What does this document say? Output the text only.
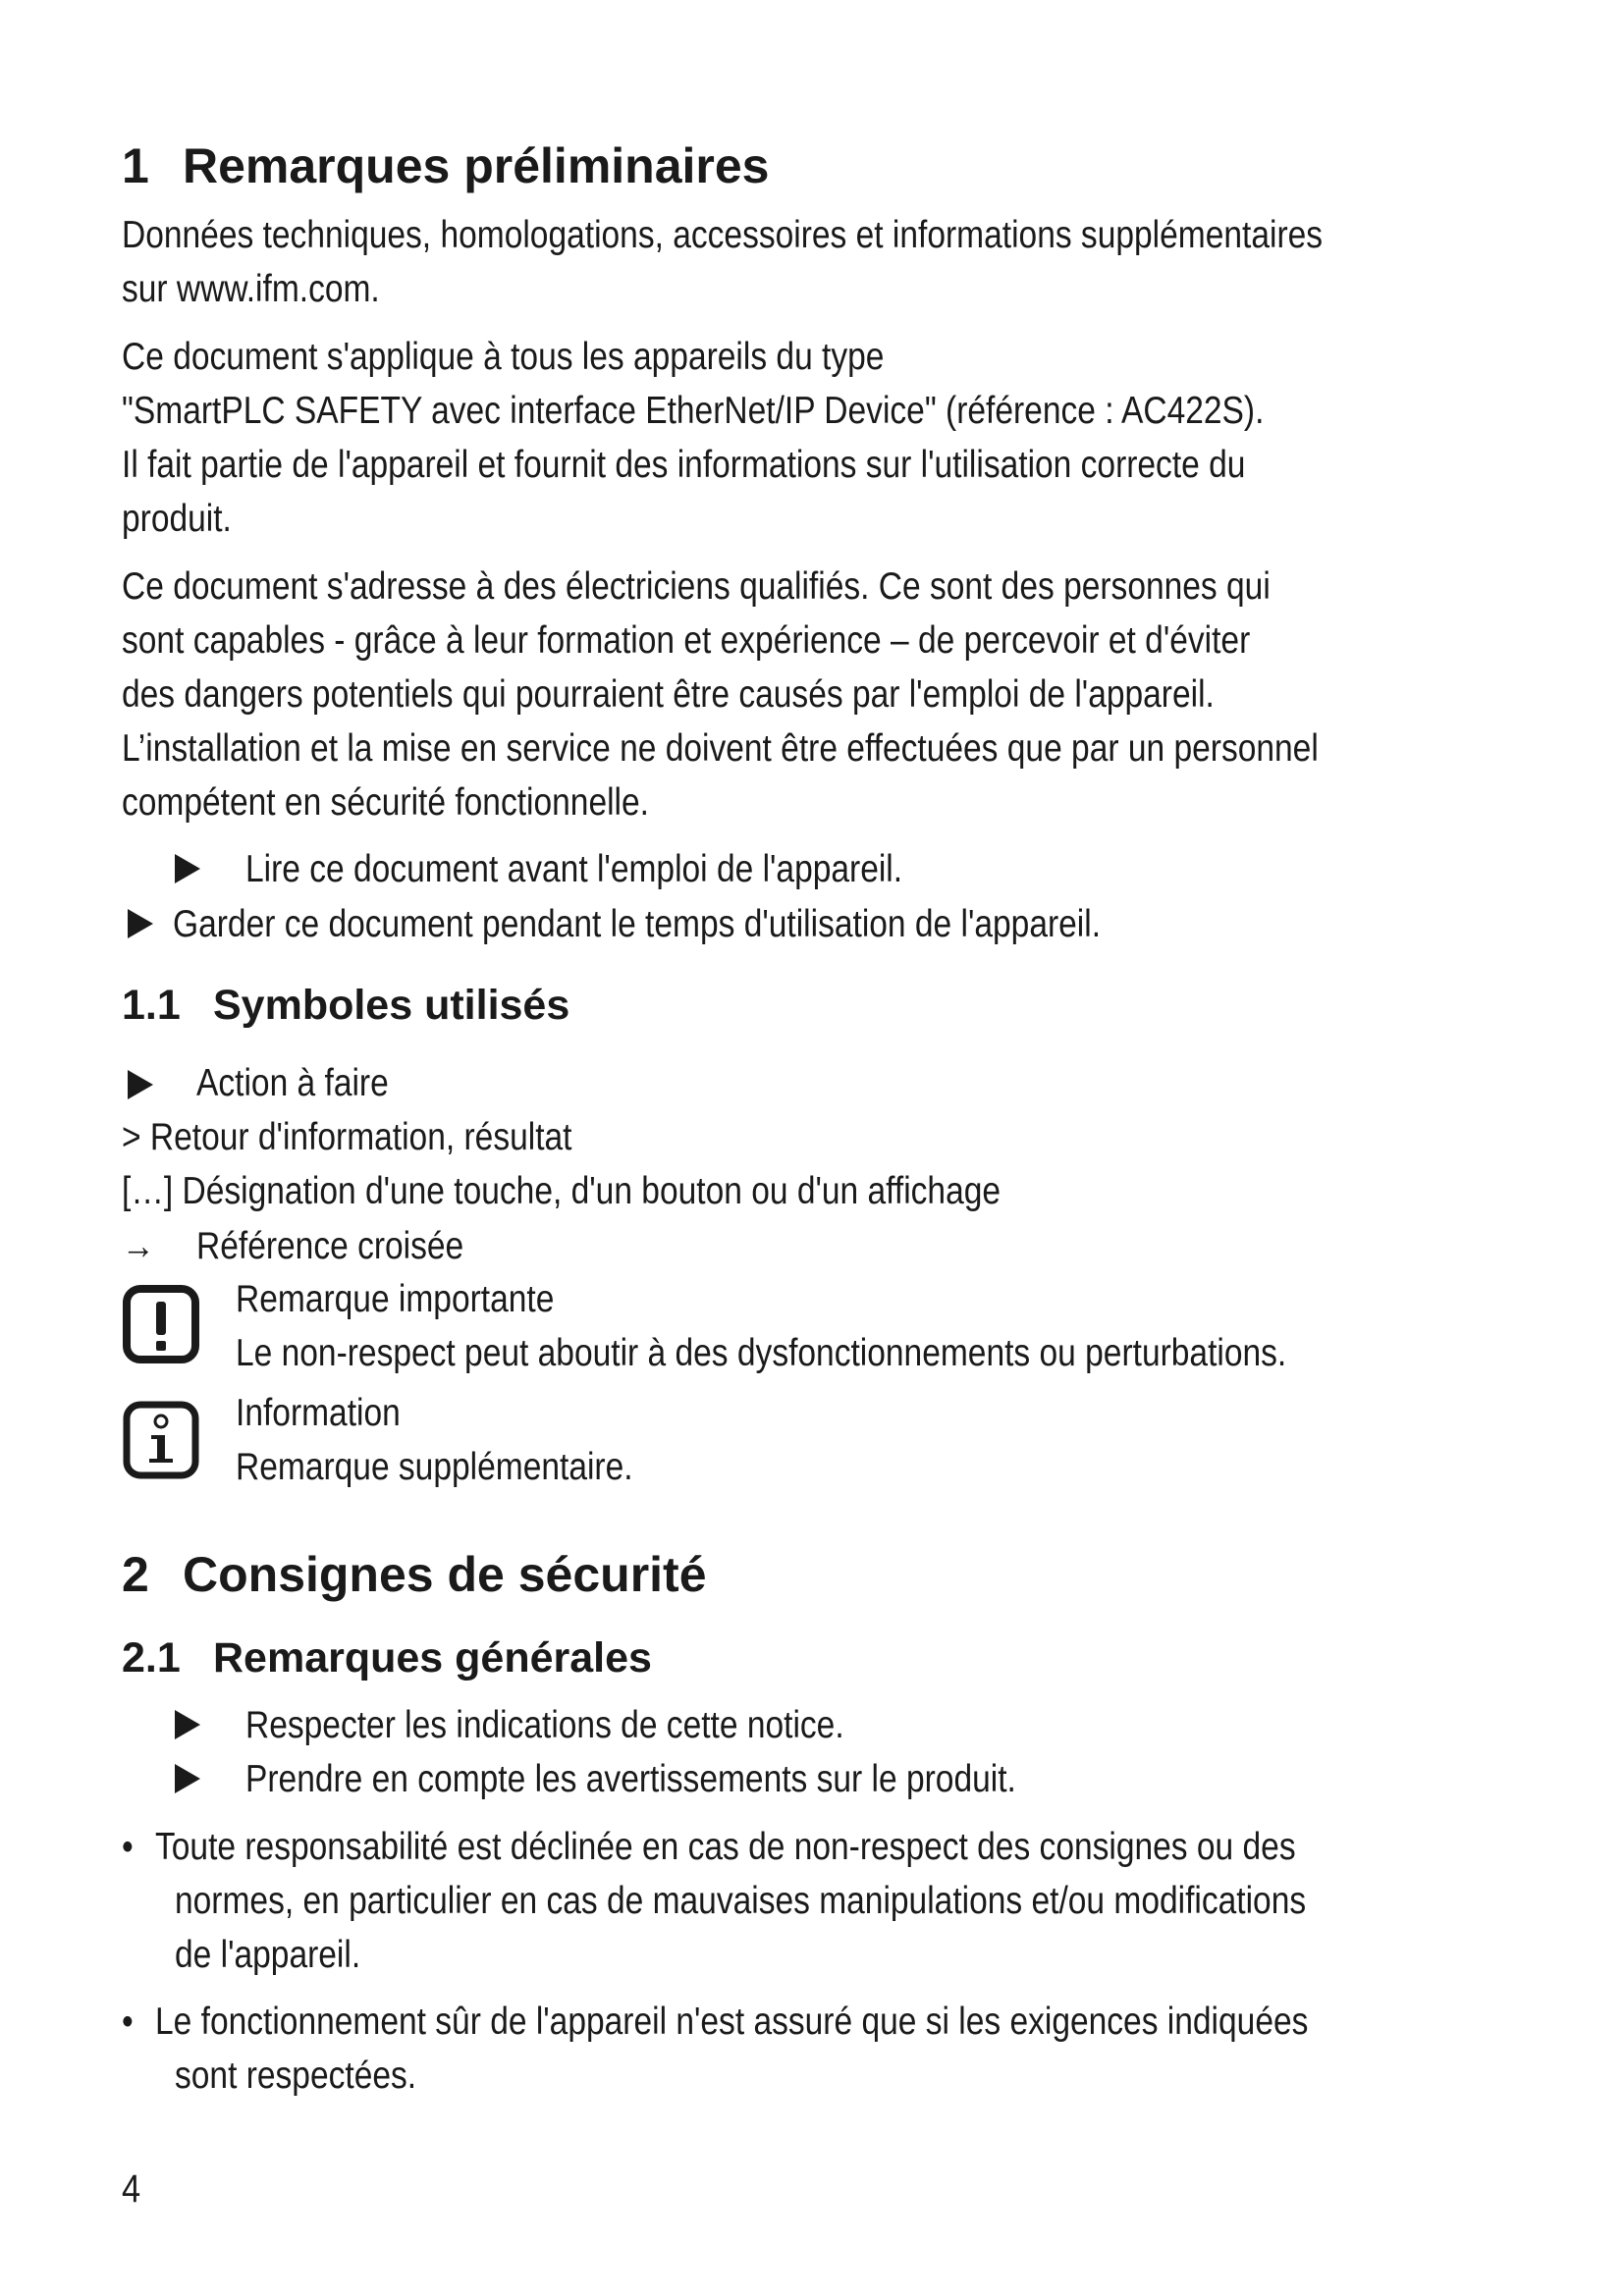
1 Remarques préliminaires
Données techniques, homologations, accessoires et informations supplémentaires
sur www.ifm.com.
Ce document s'applique à tous les appareils du type
"SmartPLC SAFETY avec interface EtherNet/IP Device" (référence : AC422S).
Il fait partie de l'appareil et fournit des informations sur l'utilisation correcte du
produit.
Ce document s'adresse à des électriciens qualifiés. Ce sont des personnes qui
sont capables - grâce à leur formation et expérience – de percevoir et d'éviter
des dangers potentiels qui pourraient être causés par l'emploi de l'appareil.
L’installation et la mise en service ne doivent être effectuées que par un personnel
compétent en sécurité fonctionnelle.
Lire ce document avant l'emploi de l'appareil.
Garder ce document pendant le temps d'utilisation de l'appareil.
1.1 Symboles utilisés
Action à faire
> Retour d'information, résultat
[…] Désignation d'une touche, d'un bouton ou d'un affichage
→ Référence croisée
Remarque importante
Le non-respect peut aboutir à des dysfonctionnements ou perturbations.
Information
Remarque supplémentaire.
2 Consignes de sécurité
2.1 Remarques générales
Respecter les indications de cette notice.
Prendre en compte les avertissements sur le produit.
• Toute responsabilité est déclinée en cas de non-respect des consignes ou des
normes, en particulier en cas de mauvaises manipulations et/ou modifications
de l'appareil.
• Le fonctionnement sûr de l'appareil n'est assuré que si les exigences indiquées
sont respectées.
4
